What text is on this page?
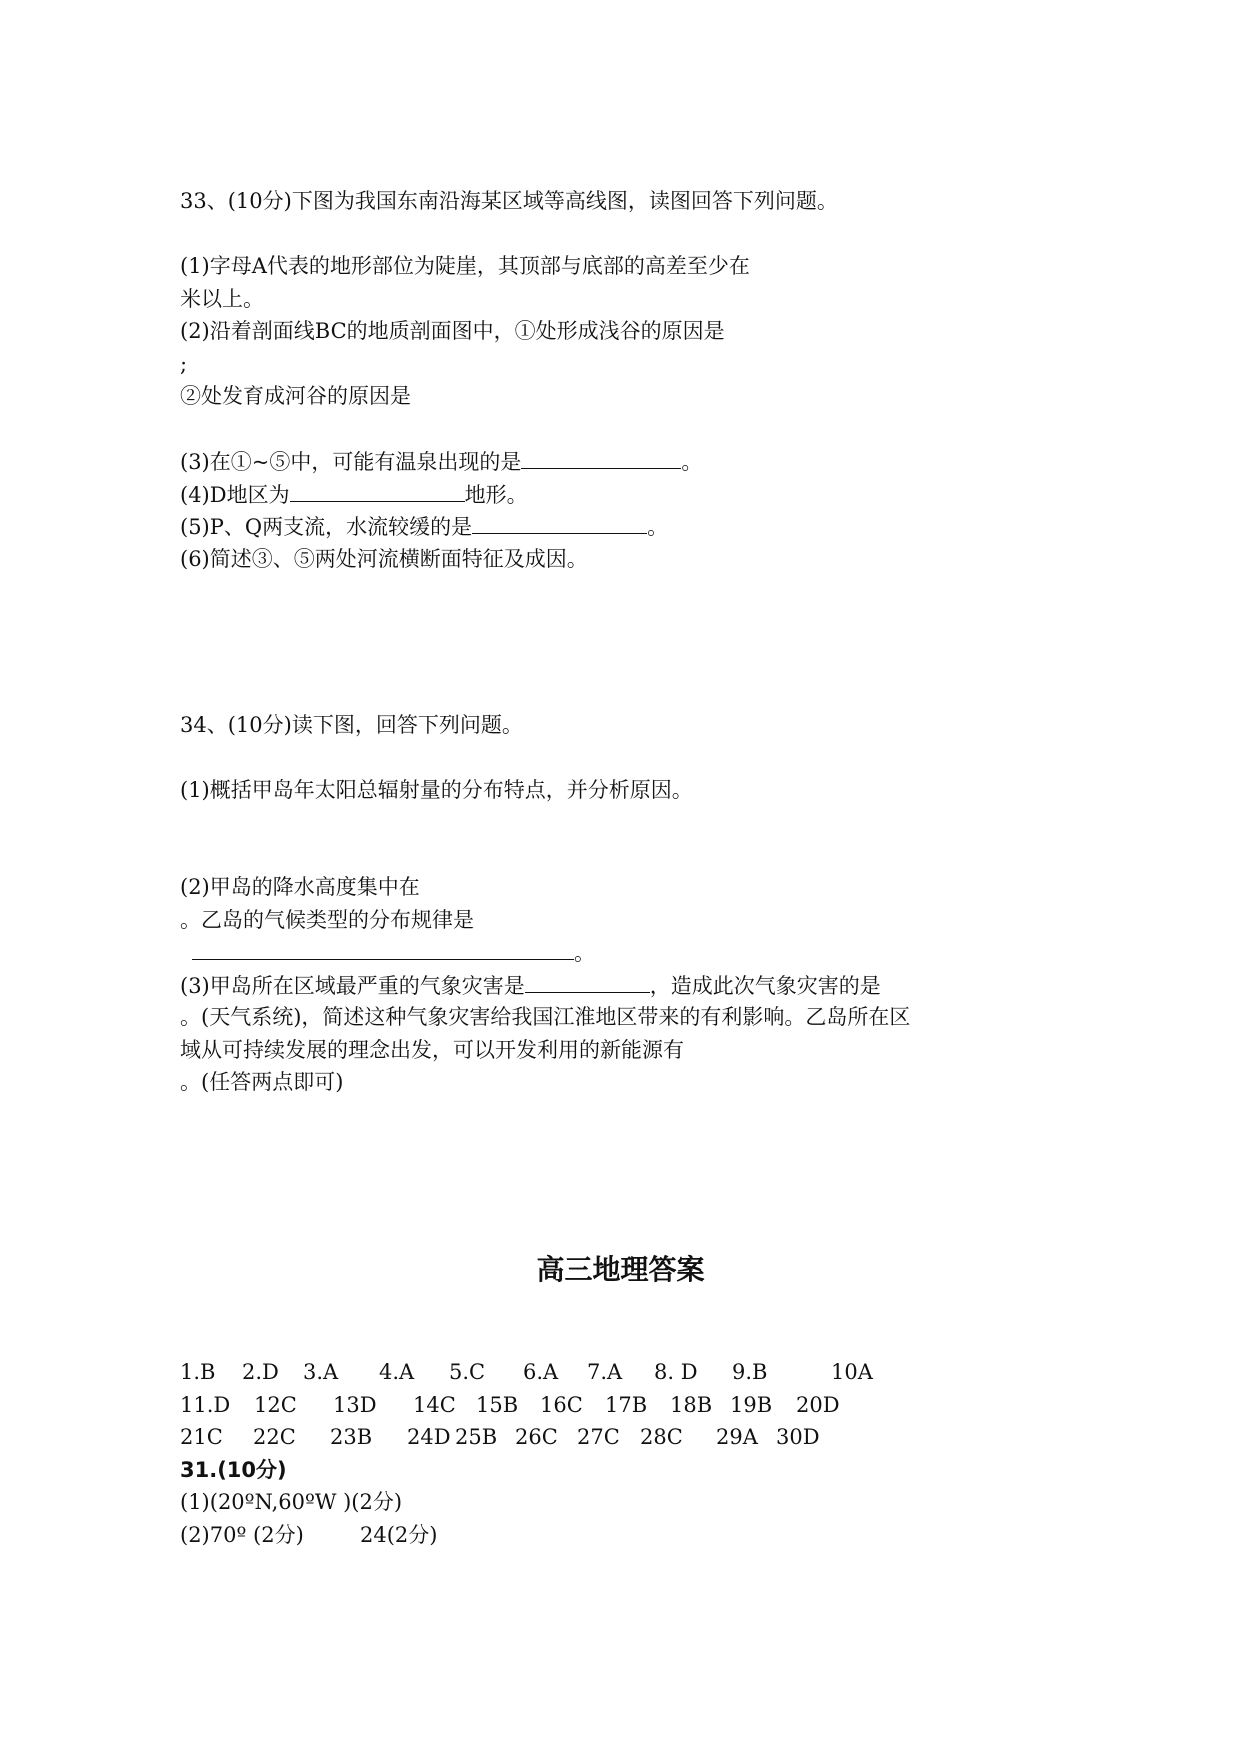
33、(10分)下图为我国东南沿海某区域等高线图，读图回答下列问题。
(1)字母A代表的地形部位为陡崖，其顶部与底部的高差至少在
米以上。
(2)沿着剖面线BC的地质剖面图中，①处形成浅谷的原因是
;
②处发育成河谷的原因是
(3)在①~⑤中，可能有温泉出现的是	。
(4)D地区为	地形。
(5)P、Q两支流，水流较缓的是	。
(6)简述③、⑤两处河流横断面特征及成因。
34、(10分)读下图，回答下列问题。
(1)概括甲岛年太阳总辐射量的分布特点，并分析原因。
(2)甲岛的降水高度集中在
。乙岛的气候类型的分布规律是
。
(3)甲岛所在区域最严重的气象灾害是	，造成此次气象灾害的是
。(天气系统)，简述这种气象灾害给我国江淮地区带来的有利影响。乙岛所在区
域从可持续发展的理念出发，可以开发利用的新能源有
。(任答两点即可)
高三地理答案
1.B 2.D 3.A 4.A 5.C 6.A 7.A 8. D 9.B	10A
11.D 12C 13D 14C 15B 16C 17B 18B 19B 20D
21C 22C 23B 24D 25B 26C 27C 28C 29A 30D
31.(10分)
(1)(20ºN,60ºW )(2分)
(2)70º (2分)	24(2分)
